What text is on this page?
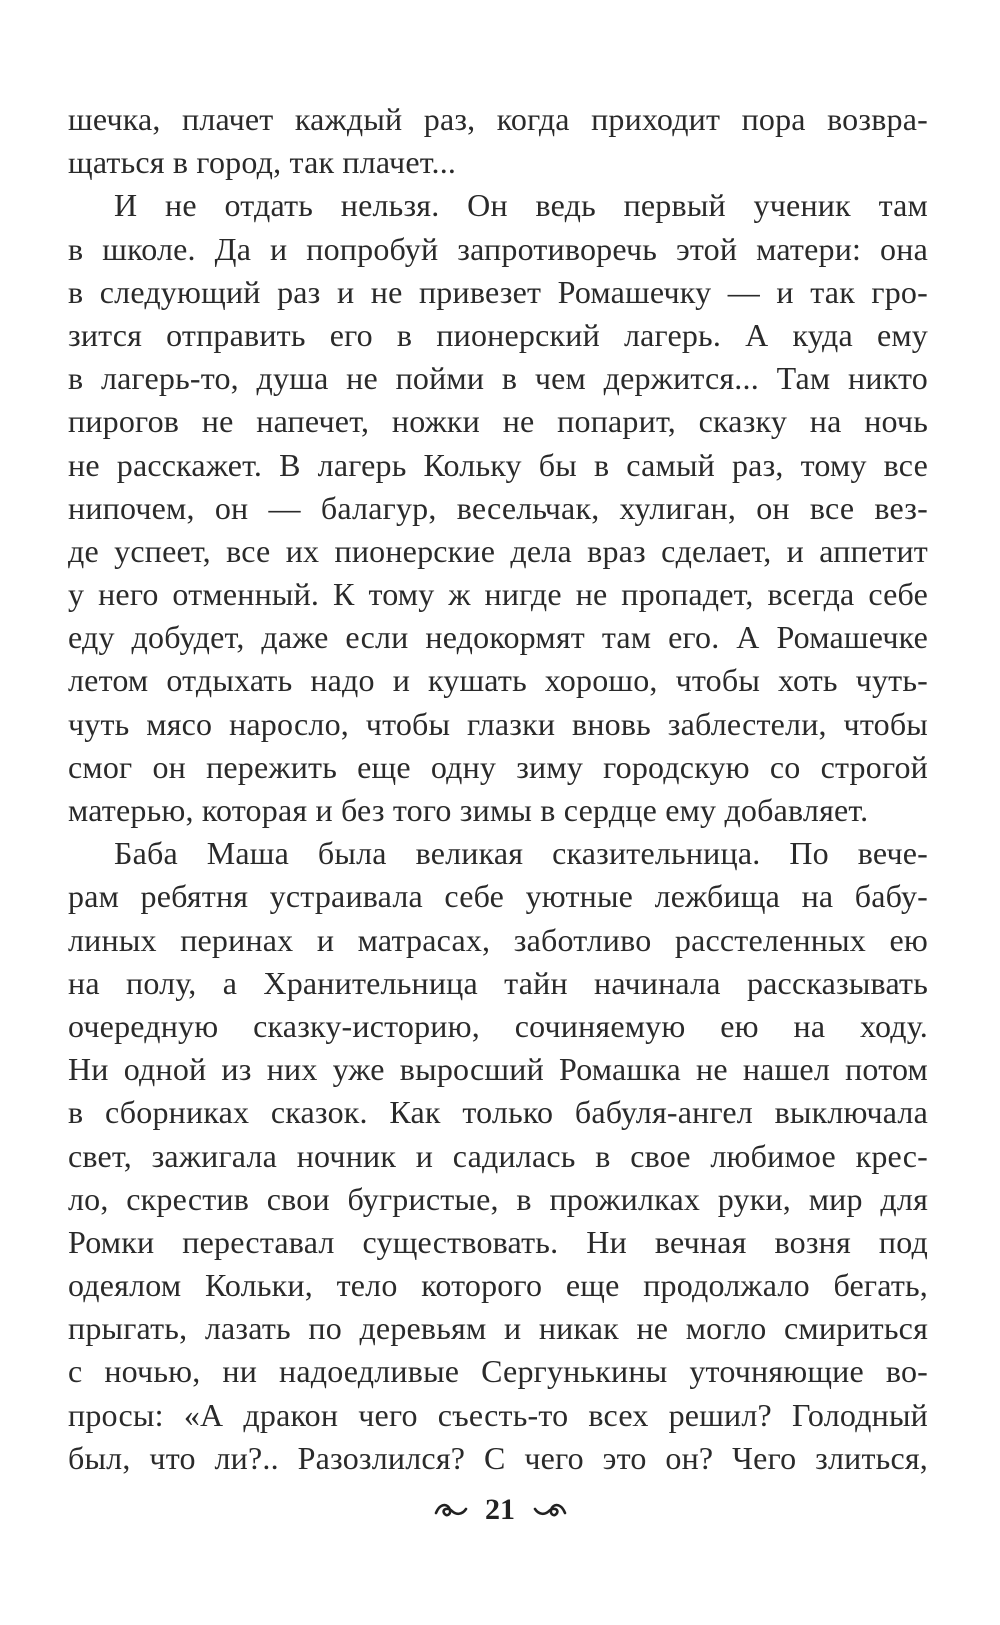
шечка, плачет каждый раз, когда приходит пора возвра-
щаться в город, так плачет...
И не отдать нельзя. Он ведь первый ученик там
в школе. Да и попробуй запротиворечь этой матери: она
в следующий раз и не привезет Ромашечку — и так гро-
зится отправить его в пионерский лагерь. А куда ему
в лагерь-то, душа не пойми в чем держится... Там никто
пирогов не напечет, ножки не попарит, сказку на ночь
не расскажет. В лагерь Кольку бы в самый раз, тому все
нипочем, он — балагур, весельчак, хулиган, он все вез-
де успеет, все их пионерские дела враз сделает, и аппетит
у него отменный. К тому ж нигде не пропадет, всегда себе
еду добудет, даже если недокормят там его. А Ромашечке
летом отдыхать надо и кушать хорошо, чтобы хоть чуть-
чуть мясо наросло, чтобы глазки вновь заблестели, чтобы
смог он пережить еще одну зиму городскую со строгой
матерью, которая и без того зимы в сердце ему добавляет.
Баба Маша была великая сказительница. По вече-
рам ребятня устраивала себе уютные лежбища на бабу-
линых перинах и матрасах, заботливо расстеленных ею
на полу, а Хранительница тайн начинала рассказывать
очередную сказку-историю, сочиняемую ею на ходу.
Ни одной из них уже выросший Ромашка не нашел потом
в сборниках сказок. Как только бабуля-ангел выключала
свет, зажигала ночник и садилась в свое любимое крес-
ло, скрестив свои бугристые, в прожилках руки, мир для
Ромки переставал существовать. Ни вечная возня под
одеялом Кольки, тело которого еще продолжало бегать,
прыгать, лазать по деревьям и никак не могло смириться
с ночью, ни надоедливые Сергунькины уточняющие во-
просы: «А дракон чего съесть-то всех решил? Голодный
был, что ли?.. Разозлился? С чего это он? Чего злиться,
21
